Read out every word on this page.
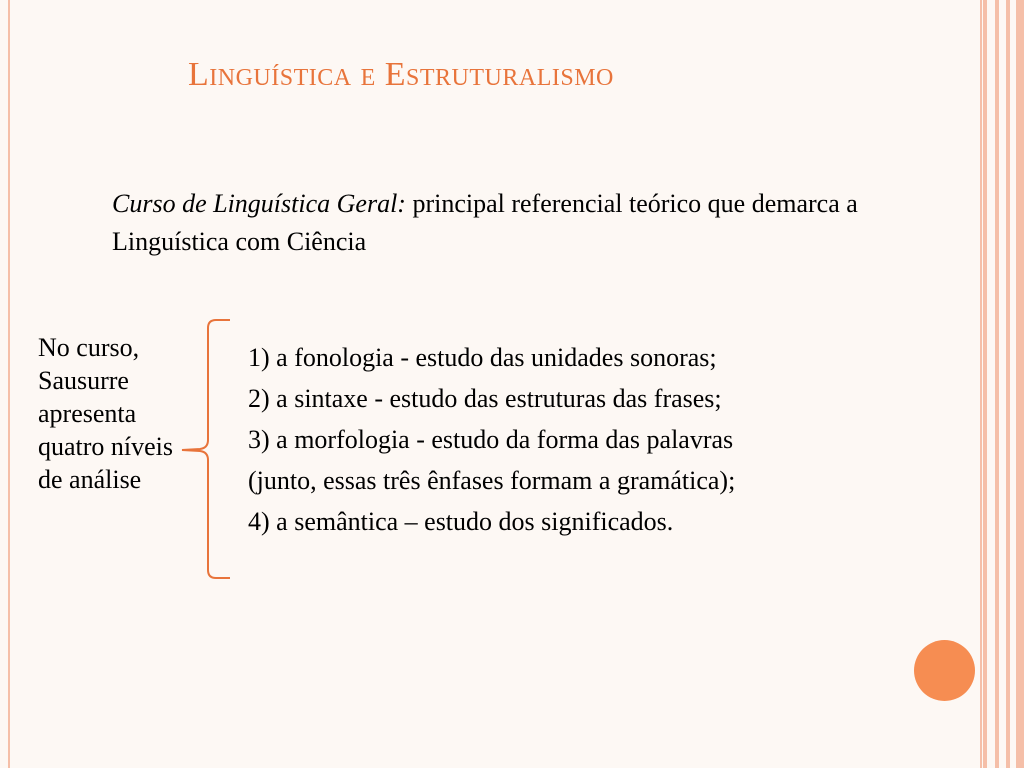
Linguística e Estruturalismo
Curso de Linguística Geral: principal referencial teórico que demarca a Linguística com Ciência
No curso, Sausurre apresenta quatro níveis de análise
1) a fonologia - estudo das unidades sonoras;
2) a sintaxe - estudo das estruturas das frases;
3) a morfologia - estudo da forma das palavras
(junto, essas três ênfases formam a gramática);
4) a semântica – estudo dos significados.
